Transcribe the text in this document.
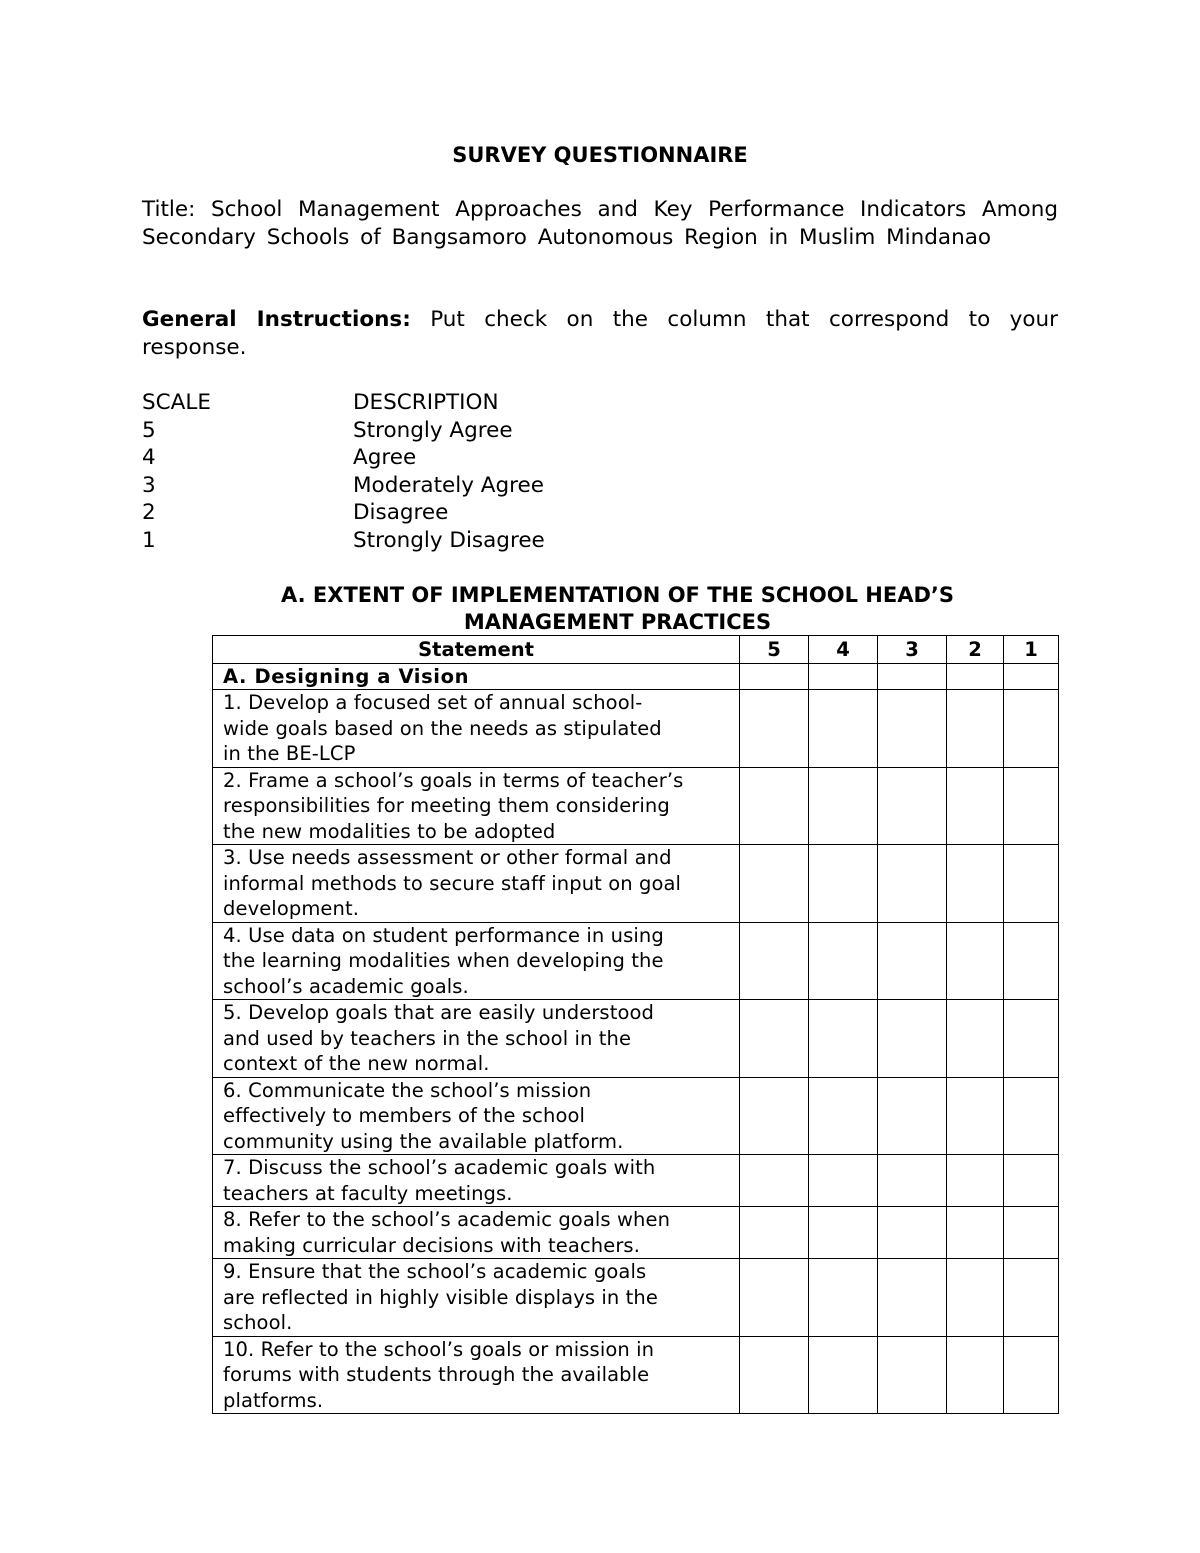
SURVEY QUESTIONNAIRE
Title: School Management Approaches and Key Performance Indicators Among Secondary Schools of Bangsamoro Autonomous Region in Muslim Mindanao
General Instructions: Put check on the column that correspond to your response.
SCALE	DESCRIPTION
5	Strongly Agree
4	Agree
3	Moderately Agree
2	Disagree
1	Strongly Disagree
A. EXTENT OF IMPLEMENTATION OF THE SCHOOL HEAD’S
MANAGEMENT PRACTICES
Statement	5	4	3	2	1
A. Designing a Vision					

1. Develop a focused set of annual school-
wide goals based on the needs as stipulated
in the BE-LCP					

2. Frame a school’s goals in terms of teacher’s
responsibilities for meeting them considering
the new modalities to be adopted					

3. Use needs assessment or other formal and
informal methods to secure staff input on goal
development.					

4. Use data on student performance in using
the learning modalities when developing the
school’s academic goals.					

5. Develop goals that are easily understood
and used by teachers in the school in the
context of the new normal.					

6. Communicate the school’s mission
effectively to members of the school
community using the available platform.					

7. Discuss the school’s academic goals with
teachers at faculty meetings.					

8. Refer to the school’s academic goals when
making curricular decisions with teachers.					

9. Ensure that the school’s academic goals
are reflected in highly visible displays in the
school.					

10. Refer to the school’s goals or mission in
forums with students through the available
platforms.					
